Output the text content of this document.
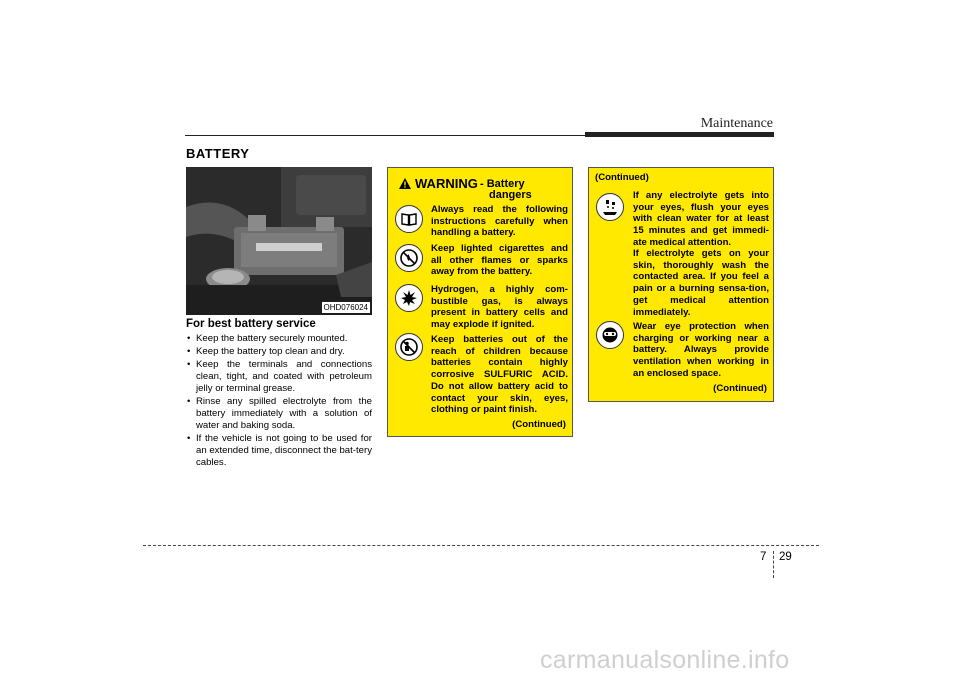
Maintenance
BATTERY
OHD076024
For best battery service
• Keep the battery securely mounted.
• Keep the battery top clean and dry.
• Keep the terminals and connections clean, tight, and coated with petroleum jelly or terminal grease.
• Rinse any spilled electrolyte from the battery immediately with a solution of water and baking soda.
• If the vehicle is not going to be used for an extended time, disconnect the bat-tery cables.
WARNING - Battery
dangers
Always read the following instructions carefully when handling a battery.
Keep lighted cigarettes and all other flames or sparks away from the battery.
Hydrogen, a highly com-bustible gas, is always present in battery cells and may explode if ignited.
Keep batteries out of the reach of children because batteries contain highly corrosive SULFURIC ACID. Do not allow battery acid to contact your skin, eyes, clothing or paint finish.
(Continued)
(Continued)
If any electrolyte gets into your eyes, flush your eyes with clean water for at least 15 minutes and get immedi-ate medical attention.
If electrolyte gets on your skin, thoroughly wash the contacted area. If you feel a pain or a burning sensa-tion, get medical attention immediately.
Wear eye protection when charging or working near a battery. Always provide ventilation when working in an enclosed space.
(Continued)
7 29
carmanualsonline.info
